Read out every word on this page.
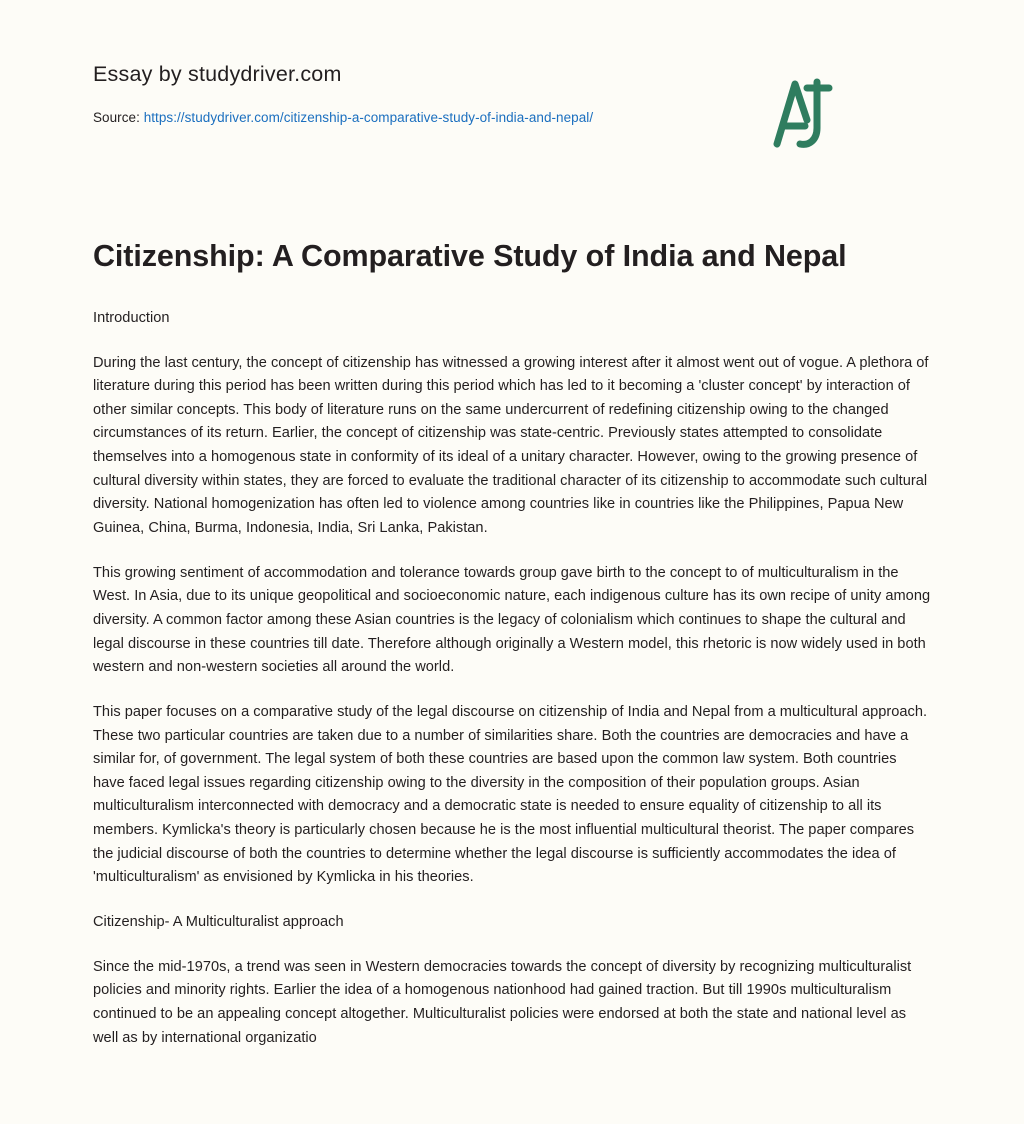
Essay by studydriver.com
Source: https://studydriver.com/citizenship-a-comparative-study-of-india-and-nepal/
Citizenship: A Comparative Study of India and Nepal

Introduction

During the last century, the concept of citizenship has witnessed a growing interest after it almost went out of vogue. A plethora of literature during this period has been written during this period which has led to it becoming a 'cluster concept' by interaction of other similar concepts. This body of literature runs on the same undercurrent of redefining citizenship owing to the changed circumstances of its return. Earlier, the concept of citizenship was state-centric. Previously states attempted to consolidate themselves into a homogenous state in conformity of its ideal of a unitary character. However, owing to the growing presence of cultural diversity within states, they are forced to evaluate the traditional character of its citizenship to accommodate such cultural diversity. National homogenization has often led to violence among countries like in countries like the Philippines, Papua New Guinea, China, Burma, Indonesia, India, Sri Lanka, Pakistan.

This growing sentiment of accommodation and tolerance towards group gave birth to the concept to of multiculturalism in the West. In Asia, due to its unique geopolitical and socioeconomic nature, each indigenous culture has its own recipe of unity among diversity. A common factor among these Asian countries is the legacy of colonialism which continues to shape the cultural and legal discourse in these countries till date. Therefore although originally a Western model, this rhetoric is now widely used in both western and non-western societies all around the world.

This paper focuses on a comparative study of the legal discourse on citizenship of India and Nepal from a multicultural approach. These two particular countries are taken due to a number of similarities share. Both the countries are democracies and have a similar for, of government. The legal system of both these countries are based upon the common law system. Both countries have faced legal issues regarding citizenship owing to the diversity in the composition of their population groups. Asian multiculturalism interconnected with democracy and a democratic state is needed to ensure equality of citizenship to all its members. Kymlicka's theory is particularly chosen because he is the most influential multicultural theorist. The paper compares the judicial discourse of both the countries to determine whether the legal discourse is sufficiently accommodates the idea of 'multiculturalism' as envisioned by Kymlicka in his theories.

Citizenship- A Multiculturalist approach

Since the mid-1970s, a trend was seen in Western democracies towards the concept of diversity by recognizing multiculturalist policies and minority rights. Earlier the idea of a homogenous nationhood had gained traction. But till 1990s multiculturalism continued to be an appealing concept altogether. Multiculturalist policies were endorsed at both the state and national level as well as by international organizatio
